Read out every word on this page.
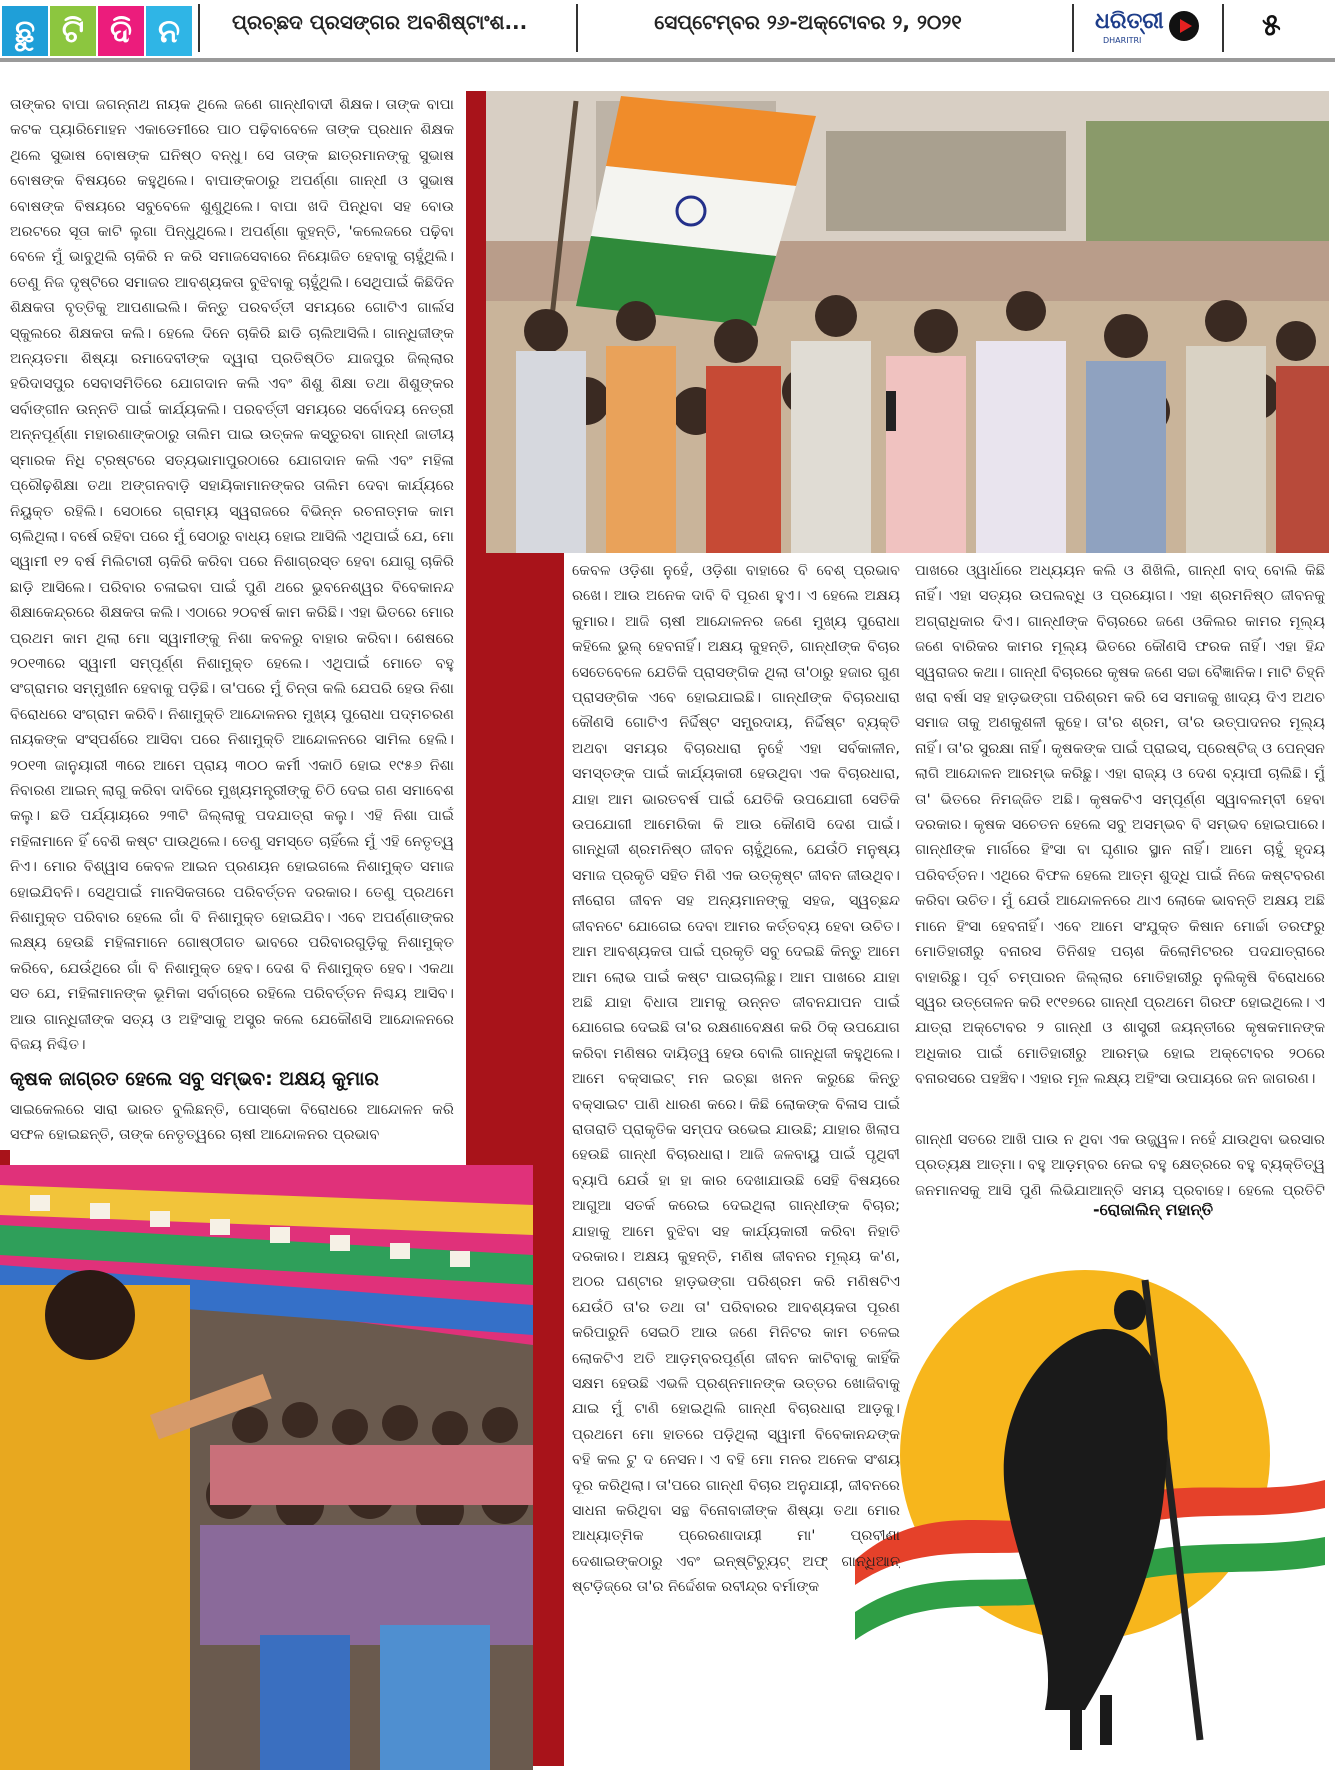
ଛୁ ଟି ଦି ନ	ପ୍ରଚ୍ଛଦ ପ୍ରସଙ୍ଗର ଅବଶିଷ୍ଟାଂଶ...	ସେପ୍ଟେମ୍ବର ୨୬-ଅକ୍ଟୋବର ୨, ୨୦୨୧	ଧରିତ୍ରୀ
DHARITRI	୫

ତାଙ୍କର ବାପା ଜଗନ୍ନାଥ ନାୟକ ଥିଲେ ଜଣେ ଗାନ୍ଧୀବାଦୀ ଶିକ୍ଷକ। ତାଙ୍କ ବାପା କଟକ ପ୍ୟାରିମୋହନ ଏକାଡେମୀରେ ପାଠ ପଢ଼ିବାବେଳେ ତାଙ୍କ ପ୍ରଧାନ ଶିକ୍ଷକ ଥିଲେ ସୁଭାଷ ବୋଷଙ୍କ ଘନିଷ୍ଠ ବନ୍ଧୁ। ସେ ତାଙ୍କ ଛାତ୍ରମାନଙ୍କୁ ସୁଭାଷ ବୋଷଙ୍କ ବିଷୟରେ କହୁଥିଲେ। ବାପାଙ୍କଠାରୁ ଅପର୍ଣ୍ଣା ଗାନ୍ଧୀ ଓ ସୁଭାଷ ବୋଷଙ୍କ ବିଷୟରେ ସବୁବେଳେ ଶୁଣୁଥିଲେ। ବାପା ଖଦି ପିନ୍ଧିବା ସହ ବୋଉ ଅରଟରେ ସୂତା କାଟି ଲୁଗା ପିନ୍ଧୁଥିଲେ। ଅପର୍ଣ୍ଣା କୁହନ୍ତି, 'କଲେଜରେ ପଢ଼ିବା ବେଳେ ମୁଁ ଭାବୁଥିଲି ଚାକିରି ନ କରି ସମାଜସେବାରେ ନିୟୋଜିତ ହେବାକୁ ଚାହୁଁଥିଲି। ତେଣୁ ନିଜ ଦୃଷ୍ଟିରେ ସମାଜର ଆବଶ୍ୟକତା ବୁଝିବାକୁ ଚାହୁଁଥିଲି। ସେଥିପାଇଁ କିଛିଦିନ ଶିକ୍ଷକତା ବୃତ୍ତିକୁ ଆପଣାଇଲି। କିନ୍ତୁ ପରବର୍ତ୍ତୀ ସମୟରେ ଗୋଟିଏ ଗାର୍ଲସ ସ୍କୁଲରେ ଶିକ୍ଷକତା କଲି। ହେଲେ ଦିନେ ଚାକିରି ଛାଡି ଚାଲିଆସିଲି। ଗାନ୍ଧିଜୀଙ୍କ ଅନ୍ୟତମା ଶିଷ୍ୟା ରମାଦେବୀଙ୍କ ଦ୍ୱାରା ପ୍ରତିଷ୍ଠିତ ଯାଜପୁର ଜିଲ୍ଲାର ହରିଦାସପୁର ସେବାସମିତିରେ ଯୋଗଦାନ କଲି ଏବଂ ଶିଶୁ ଶିକ୍ଷା ତଥା ଶିଶୁଙ୍କର ସର୍ବାଙ୍ଗୀନ ଉନ୍ନତି ପାଇଁ କାର୍ଯ୍ୟକଲି। ପରବର୍ତ୍ତୀ ସମୟରେ ସର୍ବୋଦୟ ନେତ୍ରୀ ଅନ୍ନପୂର୍ଣ୍ଣା ମହାରଣାଙ୍କଠାରୁ ତାଲିମ ପାଇ ଉତ୍କଳ କସ୍ତୁରବା ଗାନ୍ଧୀ ଜାତୀୟ ସ୍ମାରକ ନିଧି ଟ୍ରଷ୍ଟରେ ସତ୍ୟଭାମାପୁରଠାରେ ଯୋଗଦାନ କଲି ଏବଂ ମହିଳା ପ୍ରୌଢ଼ଶିକ୍ଷା ତଥା ଅଙ୍ଗନବାଡ଼ି ସହାୟିକାମାନଙ୍କର ତାଲିମ ଦେବା କାର୍ଯ୍ୟରେ ନିୟୁକ୍ତ ରହିଲି। ସେଠାରେ ଗ୍ରାମ୍ୟ ସ୍ୱରାଜରେ ବିଭିନ୍ନ ରଚନାତ୍ମକ କାମ ଚାଲିଥିଲା। ବର୍ଷେ ରହିବା ପରେ ମୁଁ ସେଠାରୁ ବାଧ୍ୟ ହୋଇ ଆସିଲି ଏଥିପାଇଁ ଯେ, ମୋ ସ୍ୱାମୀ ୧୨ ବର୍ଷ ମିଲିଟାରୀ ଚାକିରି କରିବା ପରେ ନିଶାଗ୍ରସ୍ତ ହେବା ଯୋଗୁ ଚାକିରି ଛାଡ଼ି ଆସିଲେ। ପରିବାର ଚଳାଇବା ପାଇଁ ପୁଣି ଥରେ ଭୁବନେଶ୍ୱର ବିବେକାନନ୍ଦ ଶିକ୍ଷାକେନ୍ଦ୍ରରେ ଶିକ୍ଷକତା କଲି। ଏଠାରେ ୨୦ବର୍ଷ କାମ କରିଛି। ଏହା ଭିତରେ ମୋର ପ୍ରଥମ କାମ ଥିଲା ମୋ ସ୍ୱାମୀଙ୍କୁ ନିଶା କବଳରୁ ବାହାର କରିବା। ଶେଷରେ ୨୦୧୩ରେ ସ୍ୱାମୀ ସମ୍ପୂର୍ଣ୍ଣ ନିଶାମୁକ୍ତ ହେଲେ। ଏଥିପାଇଁ ମୋତେ ବହୁ ସଂଗ୍ରାମର ସମ୍ମୁଖୀନ ହେବାକୁ ପଡ଼ିଛି। ତା'ପରେ ମୁଁ ଚିନ୍ତା କଲି ଯେପରି ହେଉ ନିଶା ବିରୋଧରେ ସଂଗ୍ରାମ କରିବି। ନିଶାମୁକ୍ତି ଆନ୍ଦୋଳନର ମୁଖ୍ୟ ପୁରୋଧା ପଦ୍ମଚରଣ ନାୟକଙ୍କ ସଂସ୍ପର୍ଶରେ ଆସିବା ପରେ ନିଶାମୁକ୍ତି ଆନ୍ଦୋଳନରେ ସାମିଲ ହେଲି। ୨୦୧୩ ଜାନୁୟାରୀ ୩ରେ ଆମେ ପ୍ରାୟ ୩୦୦ କର୍ମୀ ଏକାଠି ହୋଇ ୧୯୫୬ ନିଶା ନିବାରଣ ଆଇନ୍ ଲାଗୁ କରିବା ଦାବିରେ ମୁଖ୍ୟମନ୍ତ୍ରୀଙ୍କୁ ଚିଠି ଦେଇ ଗଣ ସମାବେଶ କଲୁ। ଛଡି ପର୍ଯ୍ୟାୟରେ ୨୩ଟି ଜିଲ୍ଲାକୁ ପଦଯାତ୍ରା କଲୁ। ଏହି ନିଶା ପାଇଁ ମହିଳାମାନେ ହିଁ ବେଶି କଷ୍ଟ ପାଉଥିଲେ। ତେଣୁ ସମସ୍ତେ ଚାହିଁଲେ ମୁଁ ଏହି ନେତୃତ୍ୱ ନିଏ। ମୋର ବିଶ୍ୱାସ କେବଳ ଆଇନ ପ୍ରଣୟନ ହୋଇଗଲେ ନିଶାମୁକ୍ତ ସମାଜ ହୋଇଯିବନି। ସେଥିପାଇଁ ମାନସିକତାରେ ପରିବର୍ତ୍ତନ ଦରକାର। ତେଣୁ ପ୍ରଥମେ ନିଶାମୁକ୍ତ ପରିବାର ହେଲେ ଗାଁ ବି ନିଶାମୁକ୍ତ ହୋଇଯିବ। ଏବେ ଅପର୍ଣ୍ଣାଙ୍କର ଲକ୍ଷ୍ୟ ହେଉଛି ମହିଳାମାନେ ଗୋଷ୍ଠୀଗତ ଭାବରେ ପରିବାରଗୁଡ଼ିକୁ ନିଶାମୁକ୍ତ କରିବେ, ଯେଉଁଥିରେ ଗାଁ ବି ନିଶାମୁକ୍ତ ହେବ। ଦେଶ ବି ନିଶାମୁକ୍ତ ହେବ। ଏକଥା ସତ ଯେ, ମହିଳାମାନଙ୍କ ଭୂମିକା ସର୍ବାଗ୍ରେ ରହିଲେ ପରିବର୍ତ୍ତନ ନିଶ୍ଚୟ ଆସିବ। ଆଉ ଗାନ୍ଧିଜୀଙ୍କ ସତ୍ୟ ଓ ଅହିଂସାକୁ ଅସ୍ତ୍ର କଲେ ଯେକୌଣସି ଆନ୍ଦୋଳନରେ ବିଜୟ ନିଶ୍ଚିତ।

କୃଷକ ଜାଗ୍ରତ ହେଲେ ସବୁ ସମ୍ଭବ: ଅକ୍ଷୟ କୁମାର

ସାଇକେଲରେ ସାରା ଭାରତ ବୁଲିଛନ୍ତି, ପୋସ୍କୋ ବିରୋଧରେ ଆନ୍ଦୋଳନ କରି ସଫଳ ହୋଇଛନ୍ତି, ତାଙ୍କ ନେତୃତ୍ୱରେ ଚାଷୀ ଆନ୍ଦୋଳନର ପ୍ରଭାବ

କେବଳ ଓଡ଼ିଶା ନୁହେଁ, ଓଡ଼ିଶା ବାହାରେ ବି ବେଶ୍ ପ୍ରଭାବ ରଖେ। ଆଉ ଅନେକ ଦାବି ବି ପୂରଣ ହୁଏ। ଏ ହେଲେ ଅକ୍ଷୟ କୁମାର। ଆଜି ଚାଷୀ ଆନ୍ଦୋଳନର ଜଣେ ମୁଖ୍ୟ ପୁରୋଧା କହିଲେ ଭୁଲ୍ ହେବନାହିଁ। ଅକ୍ଷୟ କୁହନ୍ତି, ଗାନ୍ଧୀଙ୍କ ବିଚାର ସେତେବେଳେ ଯେତିକି ପ୍ରାସଙ୍ଗିକ ଥିଲା ତା'ଠାରୁ ହଜାର ଗୁଣ ପ୍ରାସଙ୍ଗିକ ଏବେ ହୋଇଯାଇଛି। ଗାନ୍ଧୀଙ୍କ ବିଚାରଧାରା କୌଣସି ଗୋଟିଏ ନିର୍ଦ୍ଦିଷ୍ଟ ସମ୍ପ୍ରଦାୟ, ନିର୍ଦ୍ଦିଷ୍ଟ ବ୍ୟକ୍ତି ଅଥବା ସମୟର ବିଚାରଧାରା ନୁହେଁ ଏହା ସର୍ବକାଳୀନ, ସମସ୍ତଙ୍କ ପାଇଁ କାର୍ଯ୍ୟକାରୀ ହେଉଥିବା ଏକ ବିଚାରଧାରା, ଯାହା ଆମ ଭାରତବର୍ଷ ପାଇଁ ଯେତିକି ଉପଯୋଗୀ ସେତିକି ଉପଯୋଗୀ ଆମେରିକା କି ଆଉ କୌଣସି ଦେଶ ପାଇଁ। ଗାନ୍ଧିଜୀ ଶ୍ରମନିଷ୍ଠ ଜୀବନ ଚାହୁଁଥିଲେ, ଯେଉଁଠି ମନୁଷ୍ୟ ସମାଜ ପ୍ରକୃତି ସହିତ ମିଶି ଏକ ଉତ୍କୃଷ୍ଟ ଜୀବନ ଜୀଉଥିବ। ନୀରୋଗ ଜୀବନ ସହ ଅନ୍ୟମାନଙ୍କୁ ସହଜ, ସ୍ୱଚ୍ଛନ୍ଦ ଜୀବନଟେ ଯୋଗେଇ ଦେବା ଆମର କର୍ତ୍ତବ୍ୟ ହେବା ଉଚିତ। ଆମ ଆବଶ୍ୟକତା ପାଇଁ ପ୍ରକୃତି ସବୁ ଦେଇଛି କିନ୍ତୁ ଆମେ ଆମ ଲୋଭ ପାଇଁ କଷ୍ଟ ପାଇଚାଲିଛୁ। ଆମ ପାଖରେ ଯାହା ଅଛି ଯାହା ବିଧାତା ଆମକୁ ଉନ୍ନତ ଜୀବନଯାପନ ପାଇଁ ଯୋଗେଇ ଦେଇଛି ତା'ର ରକ୍ଷଣାବେକ୍ଷଣ କରି ଠିକ୍ ଉପଯୋଗ କରିବା ମଣିଷର ଦାୟିତ୍ୱ ହେଉ ବୋଲି ଗାନ୍ଧିଜୀ କହୁଥିଲେ। ଆମେ ବକ୍ସାଇଟ୍ ମନ ଇଚ୍ଛା ଖନନ କରୁଛେ କିନ୍ତୁ ବକ୍ସାଇଟ ପାଣି ଧାରଣ କରେ। କିଛି ଲୋକଙ୍କ ବିଳାସ ପାଇଁ ରାତାରାତି ପ୍ରାକୃତିକ ସମ୍ପଦ ଉଭେଇ ଯାଉଛି; ଯାହାର ଖିଲାପ ହେଉଛି ଗାନ୍ଧୀ ବିଚାରଧାରା। ଆଜି ଜଳବାୟୁ ପାଇଁ ପୃଥିବୀ ବ୍ୟାପି ଯେଉଁ ହା ହା କାର ଦେଖାଯାଉଛି ସେହି ବିଷୟରେ ଆଗୁଆ ସତର୍କ କରେଇ ଦେଇଥିଲା ଗାନ୍ଧୀଙ୍କ ବିଚାର; ଯାହାକୁ ଆମେ ବୁଝିବା ସହ କାର୍ଯ୍ୟକାରୀ କରିବା ନିହାତି ଦରକାର। ଅକ୍ଷୟ କୁହନ୍ତି, ମଣିଷ ଜୀବନର ମୂଲ୍ୟ କ'ଣ, ଅଠର ଘଣ୍ଟାର ହାଡ଼ଭଙ୍ଗା ପରିଶ୍ରମ କରି ମଣିଷଟିଏ ଯେଉଁଠି ତା'ର ତଥା ତା' ପରିବାରର ଆବଶ୍ୟକତା ପୂରଣ କରିପାରୁନି ସେଇଠି ଆଉ ଜଣେ ମିନିଟର କାମ ଚଳେଇ ଲୋକଟିଏ ଅତି ଆଡ଼ମ୍ବରପୂର୍ଣ୍ଣ ଜୀବନ କାଟିବାକୁ କାହିଁକି ସକ୍ଷମ ହେଉଛି ଏଭଳି ପ୍ରଶ୍ନମାନଙ୍କ ଉତ୍ତର ଖୋଜିବାକୁ ଯାଇ ମୁଁ ଟାଣି ହୋଇଥିଲି ଗାନ୍ଧୀ ବିଚାରଧାରା ଆଡ଼କୁ। ପ୍ରଥମେ ମୋ ହାତରେ ପଡ଼ିଥିଲା ସ୍ୱାମୀ ବିବେକାନନ୍ଦଙ୍କ ବହି କଲ ଟୁ ଦ ନେସନ। ଏ ବହି ମୋ ମନର ଅନେକ ସଂଶୟ ଦୂର କରିଥିଲା। ତା'ପରେ ଗାନ୍ଧୀ ବିଚାର ଅନୁଯାୟୀ, ଜୀବନରେ ସାଧନା କରିଥିବା ସନ୍ଥ ବିନୋବାଜୀଙ୍କ ଶିଷ୍ୟା ତଥା ମୋର ଆଧ୍ୟାତ୍ମିକ ପ୍ରେରଣାଦାୟୀ ମା' ପ୍ରବୀଣା ଦେଶାଇଙ୍କଠାରୁ ଏବଂ ଇନ୍‌ଷ୍ଟିଚ୍ୟୁଟ୍ ଅଫ୍ ଗାନ୍ଧିଆନ୍ ଷ୍ଟଡ଼ିଜ୍‌ରେ ତା'ର ନିର୍ଦ୍ଦେଶକ ରବୀନ୍ଦ୍ର ବର୍ମାଙ୍କ

ପାଖରେ ଓ୍ୱାର୍ଧାରେ ଅଧ୍ୟୟନ କଲି ଓ ଶିଖିଲି, ଗାନ୍ଧୀ ବାଦ୍ ବୋଲି କିଛି ନାହିଁ। ଏହା ସତ୍ୟର ଉପଲବ୍ଧି ଓ ପ୍ରୟୋଗ। ଏହା ଶ୍ରମନିଷ୍ଠ ଜୀବନକୁ ଅଗ୍ରାଧିକାର ଦିଏ। ଗାନ୍ଧୀଙ୍କ ବିଚାରରେ ଜଣେ ଓକିଲର କାମର ମୂଲ୍ୟ ଜଣେ ବାରିକର କାମର ମୂଲ୍ୟ ଭିତରେ କୌଣସି ଫରକ ନାହିଁ। ଏହା ହିନ୍ଦ ସ୍ୱରାଜର କଥା। ଗାନ୍ଧୀ ବିଚାରରେ କୃଷକ ଜଣେ ସଚ୍ଚା ବୈଜ୍ଞାନିକ। ମାଟି ଚିହ୍ନି ଖରା ବର୍ଷା ସହ ହାଡ଼ଭଙ୍ଗା ପରିଶ୍ରମ କରି ସେ ସମାଜକୁ ଖାଦ୍ୟ ଦିଏ ଅଥଚ ସମାଜ ତାକୁ ଅଣକୁଶଳୀ କୁହେ। ତା'ର ଶ୍ରମ, ତା'ର ଉତ୍ପାଦନର ମୂଲ୍ୟ ନାହିଁ। ତା'ର ସୁରକ୍ଷା ନାହିଁ। କୃଷକଙ୍କ ପାଇଁ ପ୍ରାଇସ୍, ପ୍ରେଷ୍ଟିଜ୍ ଓ ପେନ୍‌ସନ ଲାଗି ଆନ୍ଦୋଳନ ଆରମ୍ଭ କରିଛୁ। ଏହା ରାଜ୍ୟ ଓ ଦେଶ ବ୍ୟାପୀ ଚାଲିଛି। ମୁଁ ତା' ଭିତରେ ନିମଜ୍ଜିତ ଅଛି। କୃଷକଟିଏ ସମ୍ପୂର୍ଣ୍ଣ ସ୍ୱାବଲମ୍ବୀ ହେବା ଦରକାର। କୃଷକ ସଚେତନ ହେଲେ ସବୁ ଅସମ୍ଭବ ବି ସମ୍ଭବ ହୋଇପାରେ। ଗାନ୍ଧୀଙ୍କ ମାର୍ଗରେ ହିଂସା ବା ଘୃଣାର ସ୍ଥାନ ନାହିଁ। ଆମେ ଚାହୁଁ ହୃଦୟ ପରିବର୍ତ୍ତନ। ଏଥିରେ ବିଫଳ ହେଲେ ଆତ୍ମ ଶୁଦ୍ଧି ପାଇଁ ନିଜେ କଷ୍ଟବରଣ କରିବା ଉଚିତ। ମୁଁ ଯେଉଁ ଆନ୍ଦୋଳନରେ ଥାଏ ଲୋକେ ଭାବନ୍ତି ଅକ୍ଷୟ ଅଛି ମାନେ ହିଂସା ହେବନାହିଁ। ଏବେ ଆମେ ସଂଯୁକ୍ତ କିଷାନ ମୋର୍ଚ୍ଚା ତରଫରୁ ମୋତିହାରୀରୁ ବନାରସ ତିନିଶହ ପଚାଶ କିଲୋମିଟରର ପଦଯାତ୍ରାରେ ବାହାରିଛୁ। ପୂର୍ବ ଚମ୍ପାରନ ଜିଲ୍ଲାର ମୋତିହାରୀରୁ ନୁଲିକୃଷି ବିରୋଧରେ ସ୍ୱର ଉତ୍ତୋଳନ କରି ୧୯୧୭ରେ ଗାନ୍ଧୀ ପ୍ରଥମେ ଗିରଫ ହୋଇଥିଲେ। ଏ ଯାତ୍ରା ଅକ୍ଟୋବର ୨ ଗାନ୍ଧୀ ଓ ଶାସ୍ତ୍ରୀ ଜୟନ୍ତୀରେ କୃଷକମାନଙ୍କ ଅଧିକାର ପାଇଁ ମୋତିହାରୀରୁ ଆରମ୍ଭ ହୋଇ ଅକ୍ଟୋବର ୨୦ରେ ବନାରସରେ ପହଞ୍ଚିବ। ଏହାର ମୂଳ ଲକ୍ଷ୍ୟ ଅହିଂସା ଉପାୟରେ ଜନ ଜାଗରଣ।

ଗାନ୍ଧୀ ସତରେ ଆଖି ପାଉ ନ ଥିବା ଏକ ଉଜ୍ଜ୍ୱଳ। ନହେଁ ଯାଉଥିବା ଭରସାର ପ୍ରତ୍ୟକ୍ଷ ଆତ୍ମା। ବହୁ ଆଡ଼ମ୍ବର ନେଇ ବହୁ କ୍ଷେତ୍ରରେ ବହୁ ବ୍ୟକ୍ତିତ୍ୱ ଜନମାନସକୁ ଆସି ପୁଣି ଲିଭିଯାଆନ୍ତି ସମୟ ପ୍ରବାହେ। ହେଲେ ପ୍ରତିଟି

-ରୋଜାଲିନ୍ ମହାନ୍ତି
